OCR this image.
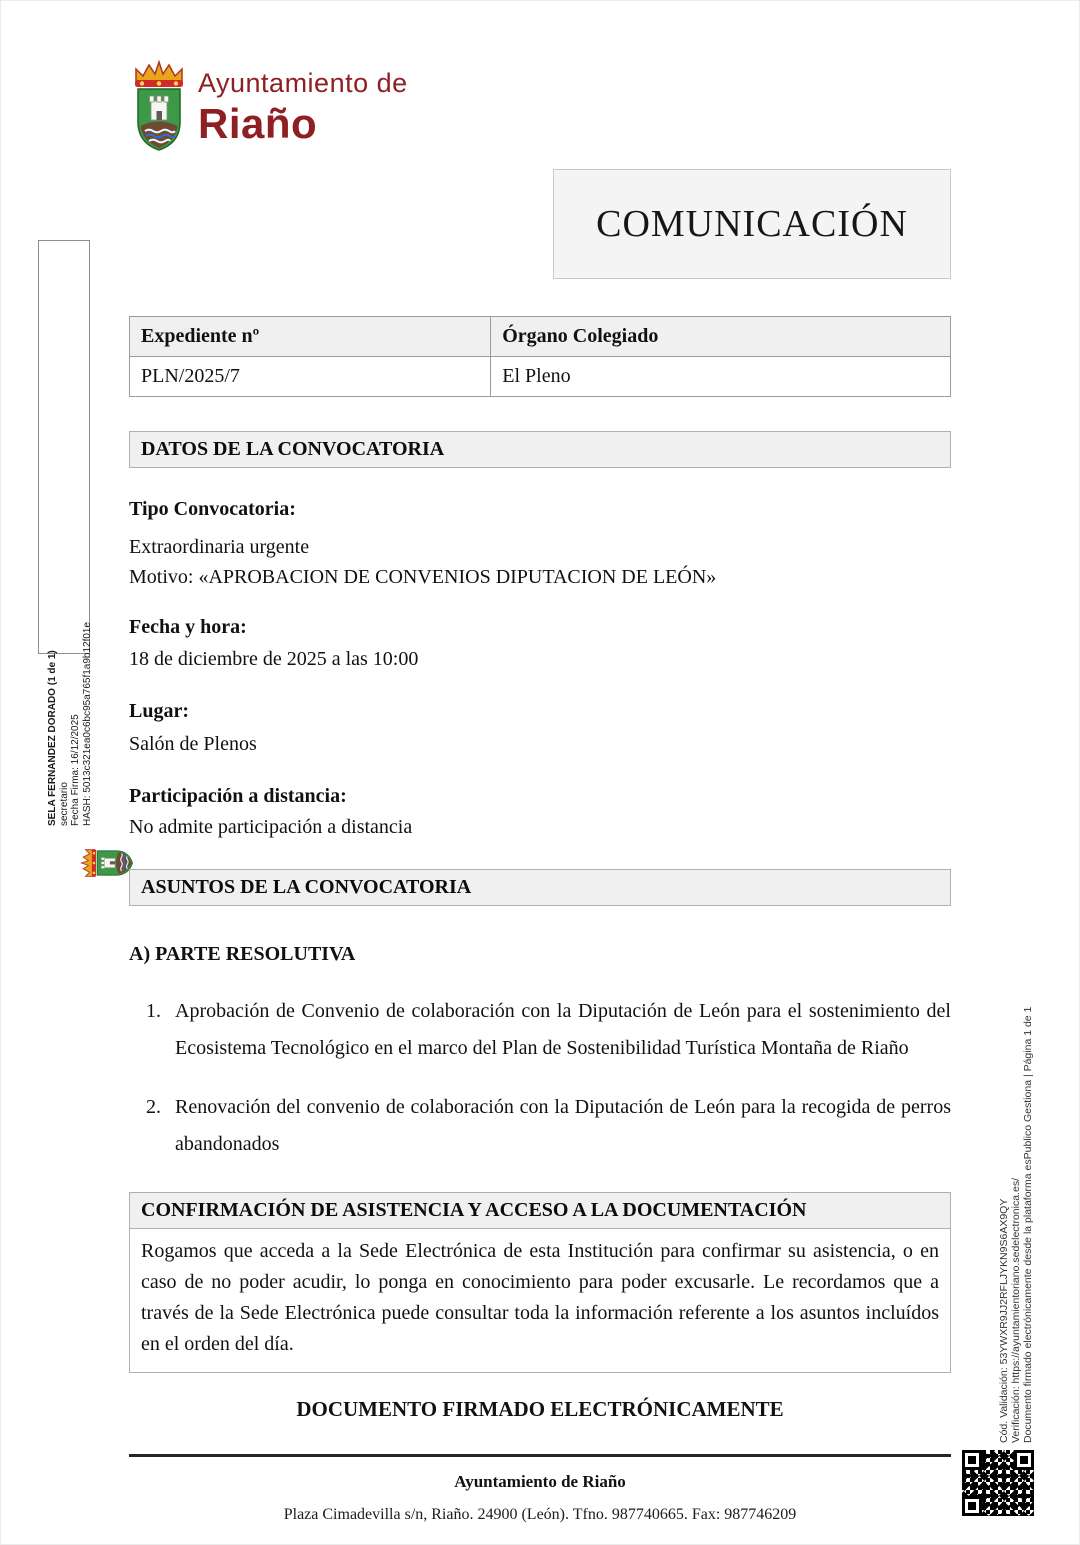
Ayuntamiento de
Riaño
COMUNICACIÓN
SELA FERNANDEZ DORADO (1 de 1) secretario Fecha Firma: 16/12/2025 HASH: 5013c321ea0c6bc95a765f1a9b12f01e
Expediente nº	Órgano Colegiado
PLN/2025/7	El Pleno
DATOS DE LA CONVOCATORIA
Tipo Convocatoria:
Extraordinaria urgente
Motivo: «APROBACION DE CONVENIOS DIPUTACION DE LEÓN»
Fecha y hora:
18 de diciembre de 2025 a las 10:00
Lugar:
Salón de Plenos
Participación a distancia:
No admite participación a distancia
ASUNTOS DE LA CONVOCATORIA
A) PARTE RESOLUTIVA
1. Aprobación de Convenio de colaboración con la Diputación de León para el sostenimiento del Ecosistema Tecnológico en el marco del Plan de Sostenibilidad Turística Montaña de Riaño
2. Renovación del convenio de colaboración con la Diputación de León para la recogida de perros abandonados
CONFIRMACIÓN DE ASISTENCIA Y ACCESO A LA DOCUMENTACIÓN
Rogamos que acceda a la Sede Electrónica de esta Institución para confirmar su asistencia, o en caso de no poder acudir, lo ponga en conocimiento para poder excusarle. Le recordamos que a través de la Sede Electrónica puede consultar toda la información referente a los asuntos incluídos en el orden del día.
DOCUMENTO FIRMADO ELECTRÓNICAMENTE
Ayuntamiento de Riaño
Plaza Cimadevilla s/n, Riaño. 24900 (León). Tfno. 987740665. Fax: 987746209
Cód. Validación: 53YWXR9JJ2RFLJYKN9S6AX9QY Verificación: https://ayuntamientoriano.sedelectronica.es/ Documento firmado electrónicamente desde la plataforma esPublico Gestiona | Página 1 de 1
